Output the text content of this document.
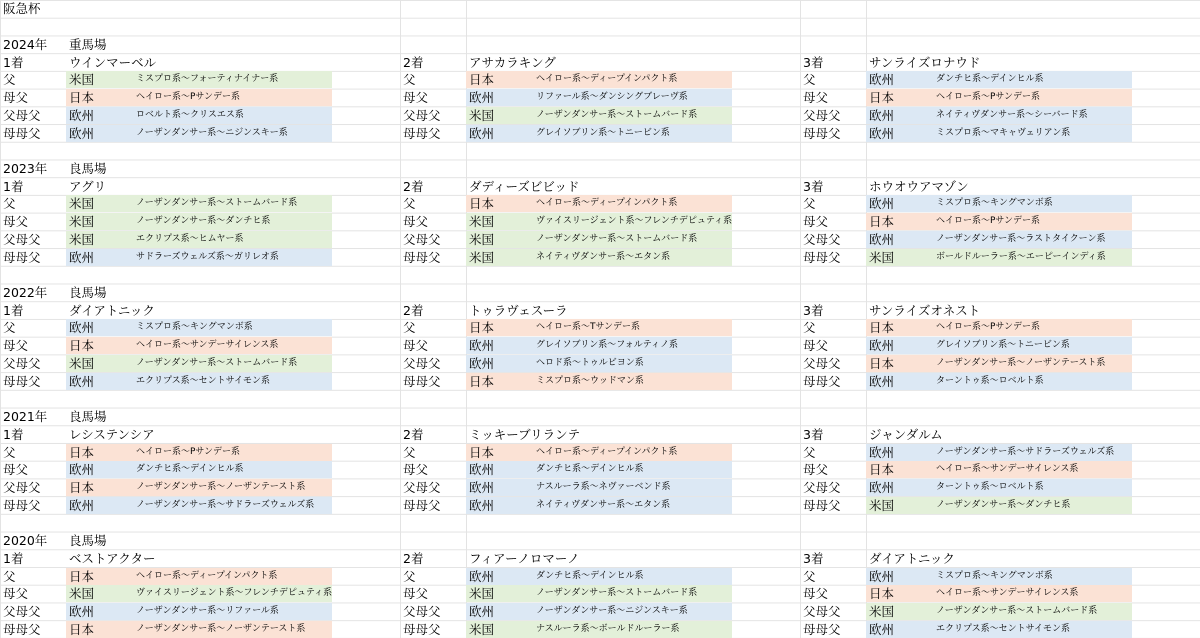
阪急杯
2024年	重馬場
1着	ウインマーベル
父	米国	ミスプロ系～フォーティナイナー系
母父	日本	ヘイロー系～Pサンデー系
父母父	欧州	ロベルト系～クリスエス系
母母父	欧州	ノーザンダンサー系～ニジンスキー系
2着	アサカラキング
父	日本	ヘイロー系～ディープインパクト系
母父	欧州	リファール系～ダンシングブレーヴ系
父母父	米国	ノーザンダンサー系～ストームバード系
母母父	欧州	グレイソブリン系～トニービン系
3着	サンライズロナウド
父	欧州	ダンチヒ系～デインヒル系
母父	日本	ヘイロー系～Pサンデー系
父母父	欧州	ネイティヴダンサー系～シーバード系
母母父	欧州	ミスプロ系～マキャヴェリアン系
2023年	良馬場
1着	アグリ
父	米国	ノーザンダンサー系～ストームバード系
母父	米国	ノーザンダンサー系～ダンチヒ系
父母父	米国	エクリプス系～ヒムヤー系
母母父	欧州	サドラーズウェルズ系～ガリレオ系
2着	ダディーズビビッド
父	日本	ヘイロー系～ディープインパクト系
母父	米国	ヴァイスリージェント系～フレンチデピュティ系
父母父	米国	ノーザンダンサー系～ストームバード系
母母父	米国	ネイティヴダンサー系～エタン系
3着	ホウオウアマゾン
父	欧州	ミスプロ系～キングマンボ系
母父	日本	ヘイロー系～Pサンデー系
父母父	欧州	ノーザンダンサー系～ラストタイクーン系
母母父	米国	ボールドルーラー系～エーピーインディ系
2022年	良馬場
1着	ダイアトニック
父	欧州	ミスプロ系～キングマンボ系
母父	日本	ヘイロー系～サンデーサイレンス系
父母父	米国	ノーザンダンサー系～ストームバード系
母母父	欧州	エクリプス系～セントサイモン系
2着	トゥラヴェスーラ
父	日本	ヘイロー系～Tサンデー系
母父	欧州	グレイソブリン系～フォルティノ系
父母父	欧州	ヘロド系～トゥルビヨン系
母母父	日本	ミスプロ系～ウッドマン系
3着	サンライズオネスト
父	日本	ヘイロー系～Pサンデー系
母父	欧州	グレイソブリン系～トニービン系
父母父	日本	ノーザンダンサー系～ノーザンテースト系
母母父	欧州	ターントゥ系～ロベルト系
2021年	良馬場
1着	レシステンシア
父	日本	ヘイロー系～Pサンデー系
母父	欧州	ダンチヒ系～デインヒル系
父母父	日本	ノーザンダンサー系～ノーザンテースト系
母母父	欧州	ノーザンダンサー系～サドラーズウェルズ系
2着	ミッキーブリランテ
父	日本	ヘイロー系～ディープインパクト系
母父	欧州	ダンチヒ系～デインヒル系
父母父	欧州	ナスルーラ系～ネヴァーベンド系
母母父	欧州	ネイティヴダンサー系～エタン系
3着	ジャンダルム
父	欧州	ノーザンダンサー系～サドラーズウェルズ系
母父	日本	ヘイロー系～サンデーサイレンス系
父母父	欧州	ターントゥ系～ロベルト系
母母父	米国	ノーザンダンサー系～ダンチヒ系
2020年	良馬場
1着	ベストアクター
父	日本	ヘイロー系～ディープインパクト系
母父	米国	ヴァイスリージェント系～フレンチデピュティ系
父母父	欧州	ノーザンダンサー系～リファール系
母母父	日本	ノーザンダンサー系～ノーザンテースト系
2着	フィアーノロマーノ
父	欧州	ダンチヒ系～デインヒル系
母父	米国	ノーザンダンサー系～ストームバード系
父母父	欧州	ノーザンダンサー系～ニジンスキー系
母母父	米国	ナスルーラ系～ボールドルーラー系
3着	ダイアトニック
父	欧州	ミスプロ系～キングマンボ系
母父	日本	ヘイロー系～サンデーサイレンス系
父母父	米国	ノーザンダンサー系～ストームバード系
母母父	欧州	エクリプス系～セントサイモン系
